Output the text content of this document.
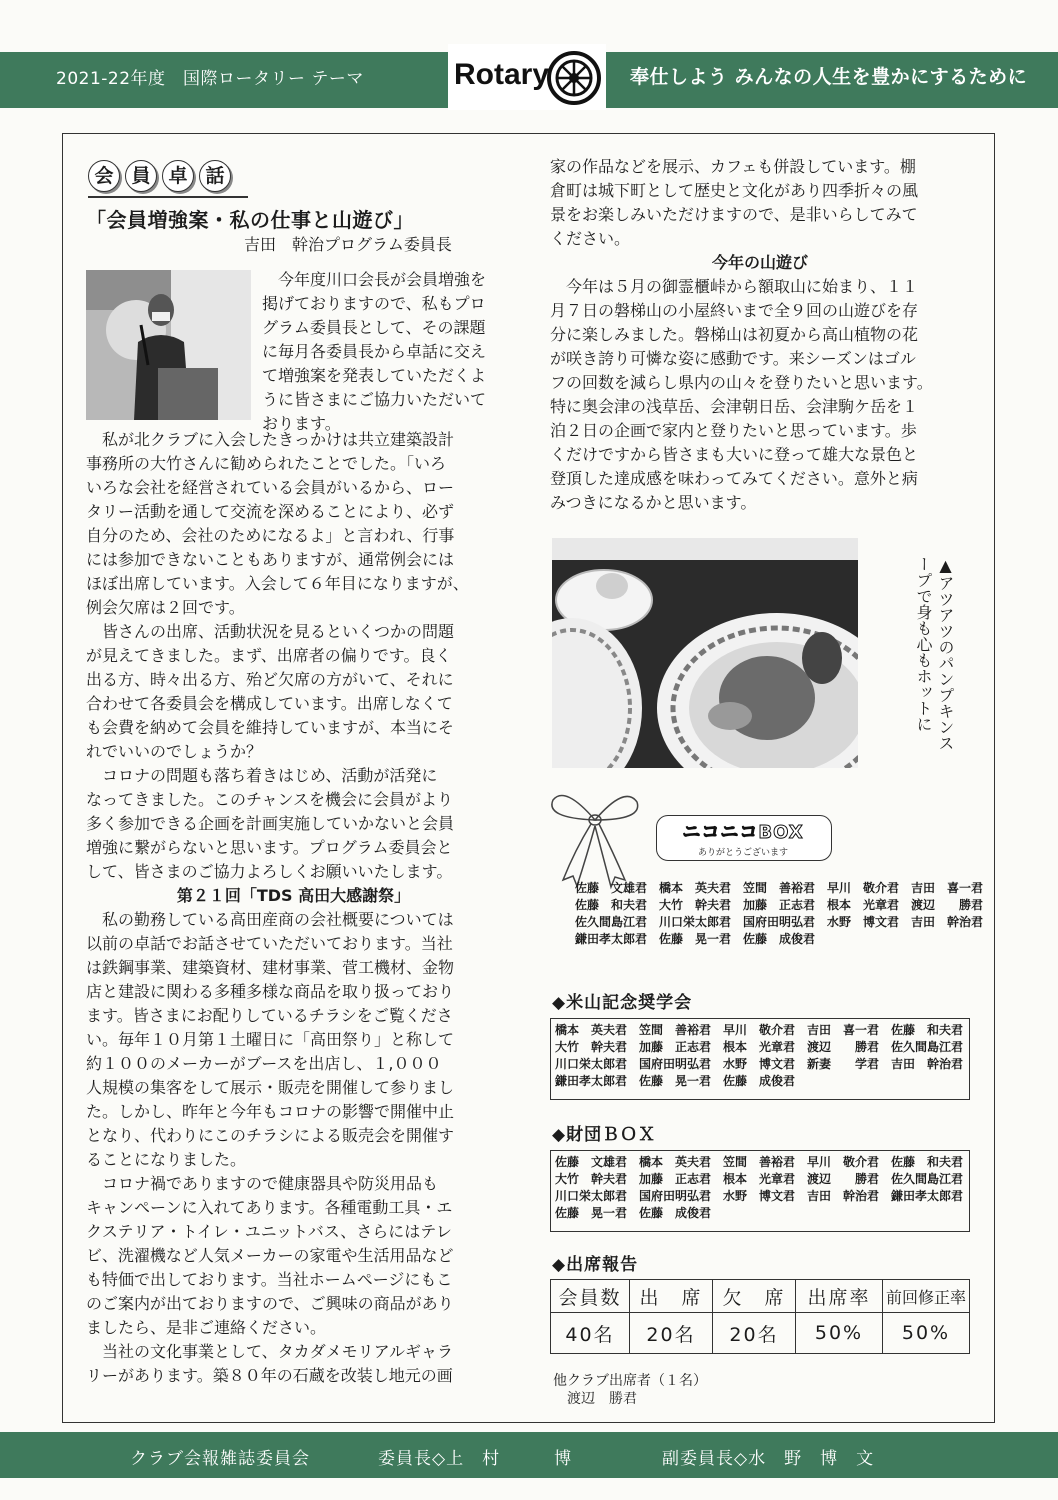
2021-22年度　国際ロータリー テーマ	Rotary	奉仕しよう みんなの人生を豊かにするために
会 員 卓 話
「会員増強案・私の仕事と山遊び」
吉田　幹治プログラム委員長
　今年度川口会長が会員増強を
掲げておりますので、私もプロ
グラム委員長として、その課題
に毎月各委員長から卓話に交え
て増強案を発表していただくよ
うに皆さまにご協力いただいて
おります。
　私が北クラブに入会したきっかけは共立建築設計
事務所の大竹さんに勧められたことでした。「いろ
いろな会社を経営されている会員がいるから、ロー
タリー活動を通して交流を深めることにより、必ず
自分のため、会社のためになるよ」と言われ、行事
には参加できないこともありますが、通常例会には
ほぼ出席しています。入会して６年目になりますが、
例会欠席は２回です。
　皆さんの出席、活動状況を見るといくつかの問題
が見えてきました。まず、出席者の偏りです。良く
出る方、時々出る方、殆ど欠席の方がいて、それに
合わせて各委員会を構成しています。出席しなくて
も会費を納めて会員を維持していますが、本当にそ
れでいいのでしょうか？
　コロナの問題も落ち着きはじめ、活動が活発に
なってきました。このチャンスを機会に会員がより
多く参加できる企画を計画実施していかないと会員
増強に繋がらないと思います。プログラム委員会と
して、皆さまのご協力よろしくお願いいたします。
第２１回「TDS 高田大感謝祭」
　私の勤務している高田産商の会社概要については
以前の卓話でお話させていただいております。当社
は鉄鋼事業、建築資材、建材事業、菅工機材、金物
店と建設に関わる多種多様な商品を取り扱っており
ます。皆さまにお配りしているチラシをご覧くださ
い。毎年１０月第１土曜日に「高田祭り」と称して
約１００のメーカーがブースを出店し、１,０００
人規模の集客をして展示・販売を開催して参りまし
た。しかし、昨年と今年もコロナの影響で開催中止
となり、代わりにこのチラシによる販売会を開催す
ることになりました。
　コロナ禍でありますので健康器具や防災用品も
キャンペーンに入れてあります。各種電動工具・エ
クステリア・トイレ・ユニットバス、さらにはテレ
ビ、洗濯機など人気メーカーの家電や生活用品など
も特価で出しております。当社ホームページにもこ
のご案内が出ておりますので、ご興味の商品があり
ましたら、是非ご連絡ください。
　当社の文化事業として、タカダメモリアルギャラ
リーがあります。築８０年の石蔵を改装し地元の画
家の作品などを展示、カフェも併設しています。棚
倉町は城下町として歴史と文化があり四季折々の風
景をお楽しみいただけますので、是非いらしてみて
ください。
今年の山遊び
　今年は５月の御霊櫃峠から額取山に始まり、１１
月７日の磐梯山の小屋終いまで全９回の山遊びを存
分に楽しみました。磐梯山は初夏から高山植物の花
が咲き誇り可憐な姿に感動です。来シーズンはゴル
フの回数を減らし県内の山々を登りたいと思います。
特に奥会津の浅草岳、会津朝日岳、会津駒ケ岳を１
泊２日の企画で家内と登りたいと思っています。歩
くだけですから皆さまも大いに登って雄大な景色と
登頂した達成感を味わってみてください。意外と病
みつきになるかと思います。
▲アツアツのパンプキンスープで身も心もホットに
ニコニコBOX
ありがとうございます
佐藤　文雄君　橋本　英夫君　笠間　善裕君　早川　敬介君　吉田　喜一君
佐藤　和夫君　大竹　幹夫君　加藤　正志君　根本　光章君　渡辺　　勝君
佐久間島江君　川口栄太郎君　国府田明弘君　水野　博文君　吉田　幹治君
鎌田孝太郎君　佐藤　晃一君　佐藤　成俊君
◆米山記念奨学会
橋本　英夫君　笠間　善裕君　早川　敬介君　吉田　喜一君　佐藤　和夫君
大竹　幹夫君　加藤　正志君　根本　光章君　渡辺　　勝君　佐久間島江君
川口栄太郎君　国府田明弘君　水野　博文君　新妻　　学君　吉田　幹治君
鎌田孝太郎君　佐藤　晃一君　佐藤　成俊君
◆財団ＢＯＸ
佐藤　文雄君　橋本　英夫君　笠間　善裕君　早川　敬介君　佐藤　和夫君
大竹　幹夫君　加藤　正志君　根本　光章君　渡辺　　勝君　佐久間島江君
川口栄太郎君　国府田明弘君　水野　博文君　吉田　幹治君　鎌田孝太郎君
佐藤　晃一君　佐藤　成俊君
◆出席報告
会員数	出　席	欠　席	出席率	前回修正率
40名	20名	20名	50%	50%
他クラブ出席者（１名）
渡辺　勝君
クラブ会報雑誌委員会	委員長◇上　村　　　博	副委員長◇水　野　博　文
